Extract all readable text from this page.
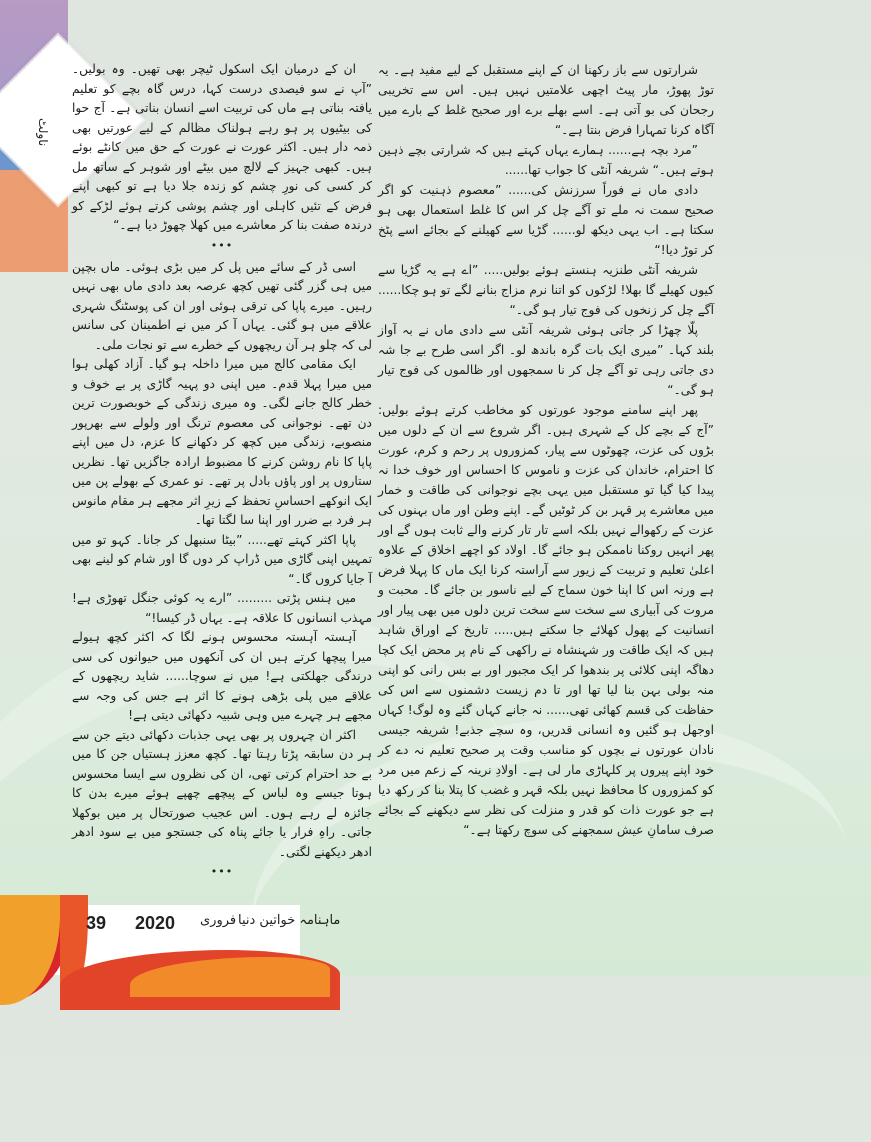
ناولٹ

شرارتوں سے باز رکھنا ان کے اپنے مستقبل کے لیے مفید ہے۔ یہ توڑ پھوڑ، مار پیٹ اچھی علامتیں نہیں ہیں۔ اس سے تخریبی رجحان کی بو آتی ہے۔ اسے بھلے برے اور صحیح غلط کے بارے میں آگاہ کرنا تمہارا فرض بنتا ہے۔“

”مرد بچہ ہے...... ہمارے یہاں کہتے ہیں کہ شرارتی بچے ذہین ہوتے ہیں۔“ شریفہ آنٹی کا جواب تھا......

دادی ماں نے فوراً سرزنش کی...... ”معصوم ذہنیت کو اگر صحیح سمت نہ ملے تو آگے چل کر اس کا غلط استعمال بھی ہو سکتا ہے۔ اب یہی دیکھ لو...... گڑیا سے کھیلنے کے بجائے اسے پٹخ کر توڑ دیا!“

شریفہ آنٹی طنزیہ ہنستے ہوئے بولیں..... ”اے ہے یہ گڑیا سے کیوں کھیلے گا بھلا! لڑکوں کو اتنا نرم مزاج بنانے لگے تو ہو چکا...... آگے چل کر زنخوں کی فوج تیار ہو گی۔“

پلّا چھڑا کر جاتی ہوئی شریفہ آنٹی سے دادی ماں نے بہ آواز بلند کہا۔ ”میری ایک بات گرہ باندھ لو۔ اگر اسی طرح بے جا شہ دی جاتی رہی تو آگے چل کر نا سمجھوں اور ظالموں کی فوج تیار ہو گی۔“

پھر اپنے سامنے موجود عورتوں کو مخاطب کرتے ہوئے بولیں: ”آج کے بچے کل کے شہری ہیں۔ اگر شروع سے ان کے دلوں میں بڑوں کی عزت، چھوٹوں سے پیار، کمزوروں پر رحم و کرم، عورت کا احترام، خاندان کی عزت و ناموس کا احساس اور خوف خدا نہ پیدا کیا گیا تو مستقبل میں یہی بچے نوجوانی کی طاقت و خمار میں معاشرے پر قہر بن کر ٹوٹیں گے۔ اپنے وطن اور ماں بہنوں کی عزت کے رکھوالے نہیں بلکہ اسے تار تار کرنے والے ثابت ہوں گے اور پھر انہیں روکنا ناممکن ہو جائے گا۔ اولاد کو اچھے اخلاق کے علاوہ اعلیٰ تعلیم و تربیت کے زیور سے آراستہ کرنا ایک ماں کا پہلا فرض ہے ورنہ اس کا اپنا خون سماج کے لیے ناسور بن جائے گا۔ محبت و مروت کی آبیاری سے سخت سے سخت ترین دلوں میں بھی پیار اور انسانیت کے پھول کھلائے جا سکتے ہیں..... تاریخ کے اوراق شاہد ہیں کہ ایک طاقت ور شہنشاہ نے راکھی کے نام پر محض ایک کچا دھاگہ اپنی کلائی پر بندھوا کر ایک مجبور اور بے بس رانی کو اپنی منہ بولی بہن بنا لیا تھا اور تا دم زیست دشمنوں سے اس کی حفاظت کی قسم کھائی تھی...... نہ جانے کہاں گئے وہ لوگ! کہاں اوجھل ہو گئیں وہ انسانی قدریں، وہ سچے جذبے! شریفہ جیسی نادان عورتوں نے بچوں کو مناسب وقت پر صحیح تعلیم نہ دے کر خود اپنے پیروں پر کلہاڑی مار لی ہے۔ اولادِ نرینہ کے زعم میں مرد کو کمزوروں کا محافظ نہیں بلکہ قہر و غضب کا پتلا بنا کر رکھ دیا ہے جو عورت ذات کو قدر و منزلت کی نظر سے دیکھنے کے بجائے صرف سامانِ عیش سمجھنے کی سوچ رکھتا ہے۔“

ان کے درمیان ایک اسکول ٹیچر بھی تھیں۔ وہ بولیں۔ ”آپ نے سو فیصدی درست کہا، درس گاہ بچے کو تعلیم یافتہ بناتی ہے ماں کی تربیت اسے انسان بناتی ہے۔ آج حوا کی بیٹیوں پر ہو رہے ہولناک مظالم کے لیے عورتیں بھی ذمہ دار ہیں۔ اکثر عورت نے عورت کے حق میں کانٹے بوئے ہیں۔ کبھی جہیز کے لالچ میں بیٹے اور شوہر کے ساتھ مل کر کسی کی نورِ چشم کو زندہ جلا دیا ہے تو کبھی اپنے فرض کے تئیں کاہلی اور چشم پوشی کرتے ہوئے لڑکے کو درندہ صفت بنا کر معاشرے میں کھلا چھوڑ دیا ہے۔“

•••

اسی ڈر کے سائے میں پل کر میں بڑی ہوئی۔ ماں بچپن میں ہی گزر گئی تھیں کچھ عرصہ بعد دادی ماں بھی نہیں رہیں۔ میرے پاپا کی ترقی ہوئی اور ان کی پوسٹنگ شہری علاقے میں ہو گئی۔ یہاں آ کر میں نے اطمینان کی سانس لی کہ چلو ہر آن ریچھوں کے خطرے سے تو نجات ملی۔

ایک مقامی کالج میں میرا داخلہ ہو گیا۔ آزاد کھلی ہوا میں میرا پہلا قدم۔ میں اپنی دو پہیہ گاڑی پر بے خوف و خطر کالج جانے لگی۔ وہ میری زندگی کے خوبصورت ترین دن تھے۔ نوجوانی کی معصوم ترنگ اور ولولے سے بھرپور منصوبے، زندگی میں کچھ کر دکھانے کا عزم، دل میں اپنے پاپا کا نام روشن کرنے کا مضبوط ارادہ جاگزیں تھا۔ نظریں ستاروں پر اور پاؤں بادل پر تھے۔ نو عمری کے بھولے پن میں ایک انوکھے احساسِ تحفظ کے زیرِ اثر مجھے ہر مقام مانوس ہر فرد بے ضرر اور اپنا سا لگتا تھا۔

پاپا اکثر کہتے تھے..... ”بیٹا سنبھل کر جانا۔ کہو تو میں تمہیں اپنی گاڑی میں ڈراپ کر دوں گا اور شام کو لینے بھی آ جایا کروں گا۔“

میں ہنس پڑتی ......... ”ارے یہ کوئی جنگل تھوڑی ہے! مہذب انسانوں کا علاقہ ہے۔ یہاں ڈر کیسا!“

آہستہ آہستہ محسوس ہونے لگا کہ اکثر کچھ ہیولے میرا پیچھا کرتے ہیں ان کی آنکھوں میں حیوانوں کی سی درندگی جھلکتی ہے! میں نے سوچا...... شاید ریچھوں کے علاقے میں پلی بڑھی ہونے کا اثر ہے جس کی وجہ سے مجھے ہر چہرے میں وہی شبیہ دکھائی دیتی ہے!

اکثر ان چہروں پر بھی یہی جذبات دکھائی دیتے جن سے ہر دن سابقہ پڑتا رہتا تھا۔ کچھ معزز ہستیاں جن کا میں بے حد احترام کرتی تھی، ان کی نظروں سے ایسا محسوس ہوتا جیسے وہ لباس کے پیچھے چھپے ہوئے میرے بدن کا جائزہ لے رہے ہوں۔ اس عجیب صورتحال پر میں بوکھلا جاتی۔ راہِ فرار یا جائے پناہ کی جستجو میں بے سود ادھر ادھر دیکھنے لگتی۔

•••
39 2020 فروری ماہنامہ خواتین دنیا
